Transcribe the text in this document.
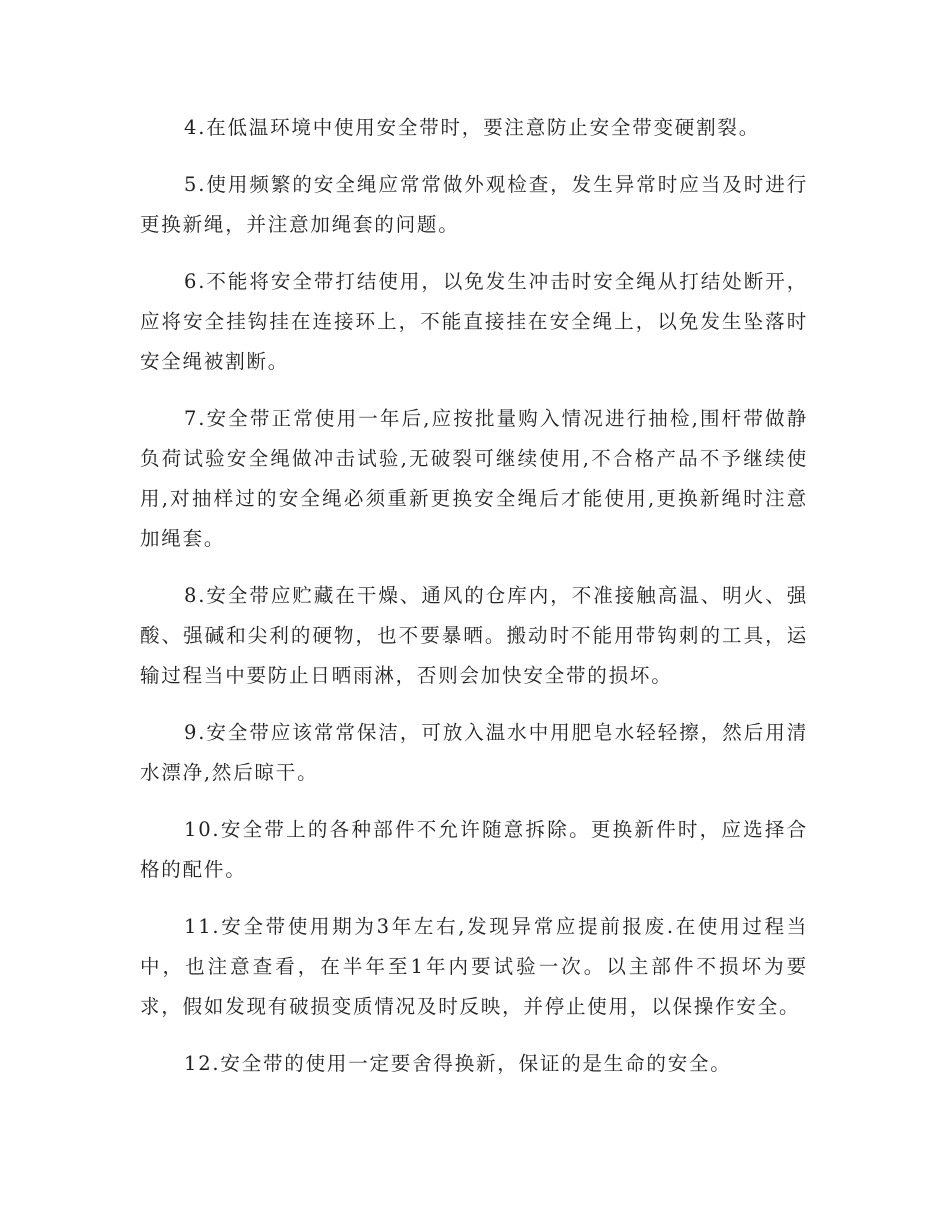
4.在低温环境中使用安全带时，要注意防止安全带变硬割裂。

5.使用频繁的安全绳应常常做外观检查，发生异常时应当及时进行更换新绳，并注意加绳套的问题。

6.不能将安全带打结使用，以免发生冲击时安全绳从打结处断开，应将安全挂钩挂在连接环上，不能直接挂在安全绳上，以免发生坠落时安全绳被割断。

7.安全带正常使用一年后,应按批量购入情况进行抽检,围杆带做静负荷试验安全绳做冲击试验,无破裂可继续使用,不合格产品不予继续使用,对抽样过的安全绳必须重新更换安全绳后才能使用,更换新绳时注意加绳套。

8.安全带应贮藏在干燥、通风的仓库内，不准接触高温、明火、强酸、强碱和尖利的硬物，也不要暴晒。搬动时不能用带钩刺的工具，运输过程当中要防止日晒雨淋，否则会加快安全带的损坏。

9.安全带应该常常保洁，可放入温水中用肥皂水轻轻擦，然后用清水漂净,然后晾干。

10.安全带上的各种部件不允许随意拆除。更换新件时，应选择合格的配件。

11.安全带使用期为3年左右,发现异常应提前报废.在使用过程当中，也注意查看，在半年至1年内要试验一次。以主部件不损坏为要求，假如发现有破损变质情况及时反映，并停止使用，以保操作安全。

12.安全带的使用一定要舍得换新，保证的是生命的安全。
